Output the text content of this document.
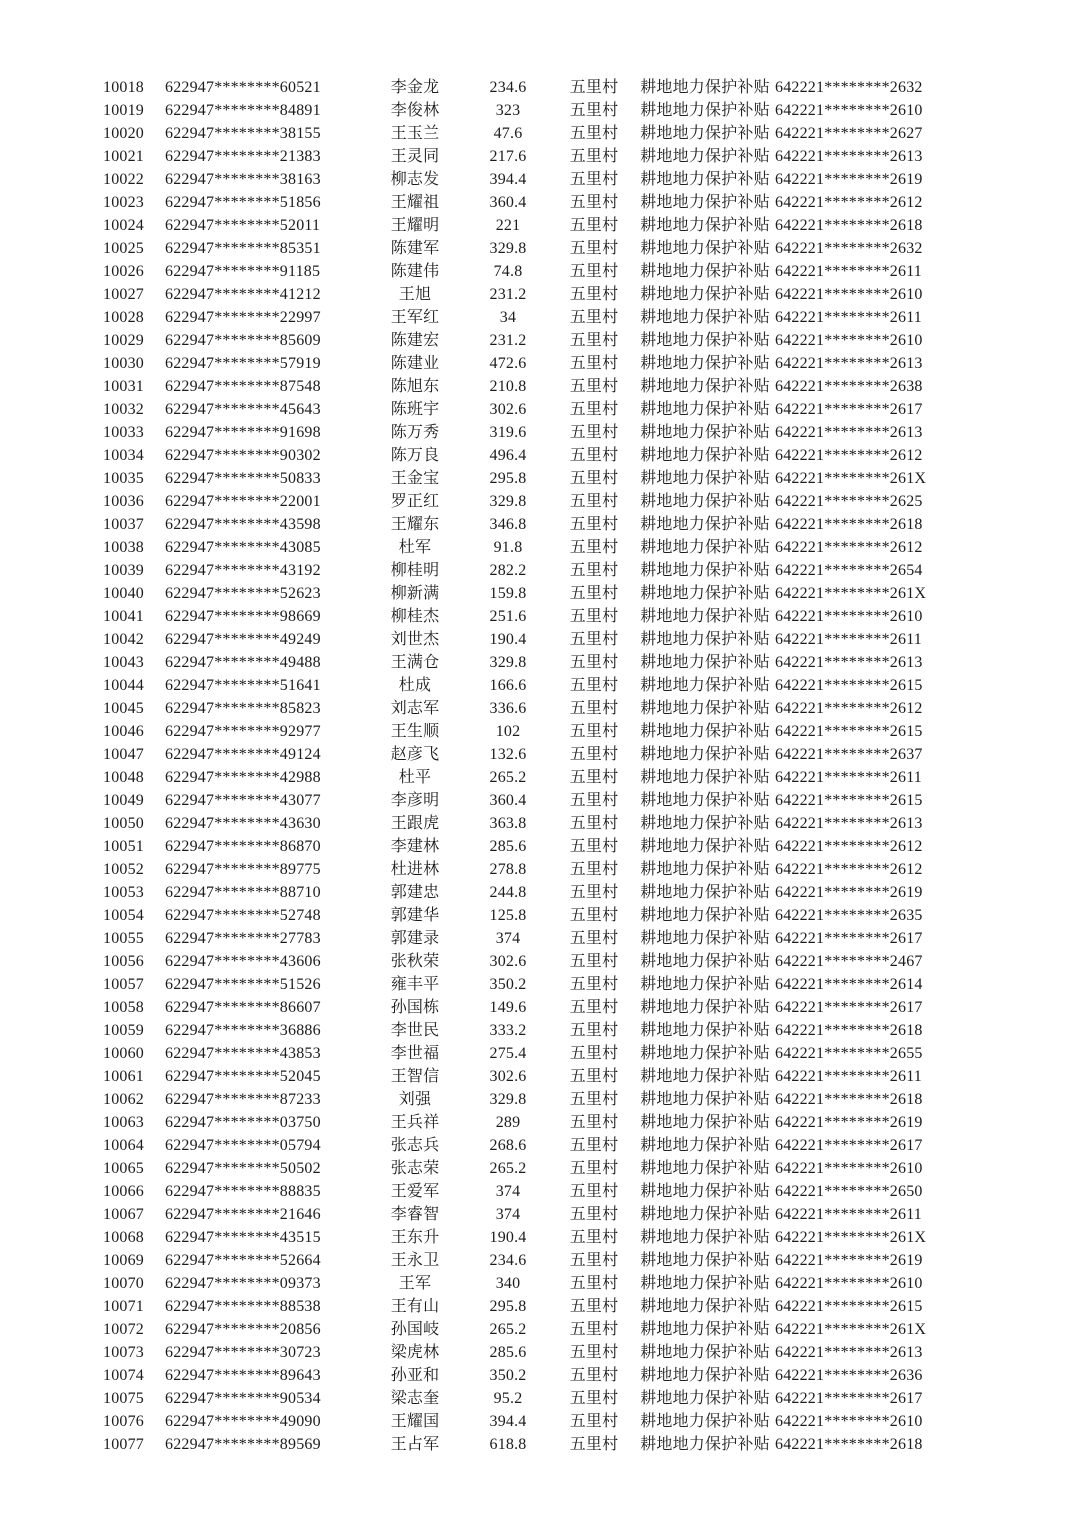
10018	622947********60521	李金龙	234.6	五里村	耕地地力保护补贴	642221********2632
10019	622947********84891	李俊林	323	五里村	耕地地力保护补贴	642221********2610
10020	622947********38155	王玉兰	47.6	五里村	耕地地力保护补贴	642221********2627
10021	622947********21383	王灵同	217.6	五里村	耕地地力保护补贴	642221********2613
10022	622947********38163	柳志发	394.4	五里村	耕地地力保护补贴	642221********2619
10023	622947********51856	王耀祖	360.4	五里村	耕地地力保护补贴	642221********2612
10024	622947********52011	王耀明	221	五里村	耕地地力保护补贴	642221********2618
10025	622947********85351	陈建军	329.8	五里村	耕地地力保护补贴	642221********2632
10026	622947********91185	陈建伟	74.8	五里村	耕地地力保护补贴	642221********2611
10027	622947********41212	王旭	231.2	五里村	耕地地力保护补贴	642221********2610
10028	622947********22997	王军红	34	五里村	耕地地力保护补贴	642221********2611
10029	622947********85609	陈建宏	231.2	五里村	耕地地力保护补贴	642221********2610
10030	622947********57919	陈建业	472.6	五里村	耕地地力保护补贴	642221********2613
10031	622947********87548	陈旭东	210.8	五里村	耕地地力保护补贴	642221********2638
10032	622947********45643	陈班宇	302.6	五里村	耕地地力保护补贴	642221********2617
10033	622947********91698	陈万秀	319.6	五里村	耕地地力保护补贴	642221********2613
10034	622947********90302	陈万良	496.4	五里村	耕地地力保护补贴	642221********2612
10035	622947********50833	王金宝	295.8	五里村	耕地地力保护补贴	642221********261X
10036	622947********22001	罗正红	329.8	五里村	耕地地力保护补贴	642221********2625
10037	622947********43598	王耀东	346.8	五里村	耕地地力保护补贴	642221********2618
10038	622947********43085	杜军	91.8	五里村	耕地地力保护补贴	642221********2612
10039	622947********43192	柳桂明	282.2	五里村	耕地地力保护补贴	642221********2654
10040	622947********52623	柳新满	159.8	五里村	耕地地力保护补贴	642221********261X
10041	622947********98669	柳桂杰	251.6	五里村	耕地地力保护补贴	642221********2610
10042	622947********49249	刘世杰	190.4	五里村	耕地地力保护补贴	642221********2611
10043	622947********49488	王满仓	329.8	五里村	耕地地力保护补贴	642221********2613
10044	622947********51641	杜成	166.6	五里村	耕地地力保护补贴	642221********2615
10045	622947********85823	刘志军	336.6	五里村	耕地地力保护补贴	642221********2612
10046	622947********92977	王生顺	102	五里村	耕地地力保护补贴	642221********2615
10047	622947********49124	赵彦飞	132.6	五里村	耕地地力保护补贴	642221********2637
10048	622947********42988	杜平	265.2	五里村	耕地地力保护补贴	642221********2611
10049	622947********43077	李彦明	360.4	五里村	耕地地力保护补贴	642221********2615
10050	622947********43630	王跟虎	363.8	五里村	耕地地力保护补贴	642221********2613
10051	622947********86870	李建林	285.6	五里村	耕地地力保护补贴	642221********2612
10052	622947********89775	杜进林	278.8	五里村	耕地地力保护补贴	642221********2612
10053	622947********88710	郭建忠	244.8	五里村	耕地地力保护补贴	642221********2619
10054	622947********52748	郭建华	125.8	五里村	耕地地力保护补贴	642221********2635
10055	622947********27783	郭建录	374	五里村	耕地地力保护补贴	642221********2617
10056	622947********43606	张秋荣	302.6	五里村	耕地地力保护补贴	642221********2467
10057	622947********51526	雍丰平	350.2	五里村	耕地地力保护补贴	642221********2614
10058	622947********86607	孙国栋	149.6	五里村	耕地地力保护补贴	642221********2617
10059	622947********36886	李世民	333.2	五里村	耕地地力保护补贴	642221********2618
10060	622947********43853	李世福	275.4	五里村	耕地地力保护补贴	642221********2655
10061	622947********52045	王智信	302.6	五里村	耕地地力保护补贴	642221********2611
10062	622947********87233	刘强	329.8	五里村	耕地地力保护补贴	642221********2618
10063	622947********03750	王兵祥	289	五里村	耕地地力保护补贴	642221********2619
10064	622947********05794	张志兵	268.6	五里村	耕地地力保护补贴	642221********2617
10065	622947********50502	张志荣	265.2	五里村	耕地地力保护补贴	642221********2610
10066	622947********88835	王爱军	374	五里村	耕地地力保护补贴	642221********2650
10067	622947********21646	李睿智	374	五里村	耕地地力保护补贴	642221********2611
10068	622947********43515	王东升	190.4	五里村	耕地地力保护补贴	642221********261X
10069	622947********52664	王永卫	234.6	五里村	耕地地力保护补贴	642221********2619
10070	622947********09373	王军	340	五里村	耕地地力保护补贴	642221********2610
10071	622947********88538	王有山	295.8	五里村	耕地地力保护补贴	642221********2615
10072	622947********20856	孙国岐	265.2	五里村	耕地地力保护补贴	642221********261X
10073	622947********30723	梁虎林	285.6	五里村	耕地地力保护补贴	642221********2613
10074	622947********89643	孙亚和	350.2	五里村	耕地地力保护补贴	642221********2636
10075	622947********90534	梁志奎	95.2	五里村	耕地地力保护补贴	642221********2617
10076	622947********49090	王耀国	394.4	五里村	耕地地力保护补贴	642221********2610
10077	622947********89569	王占军	618.8	五里村	耕地地力保护补贴	642221********2618
